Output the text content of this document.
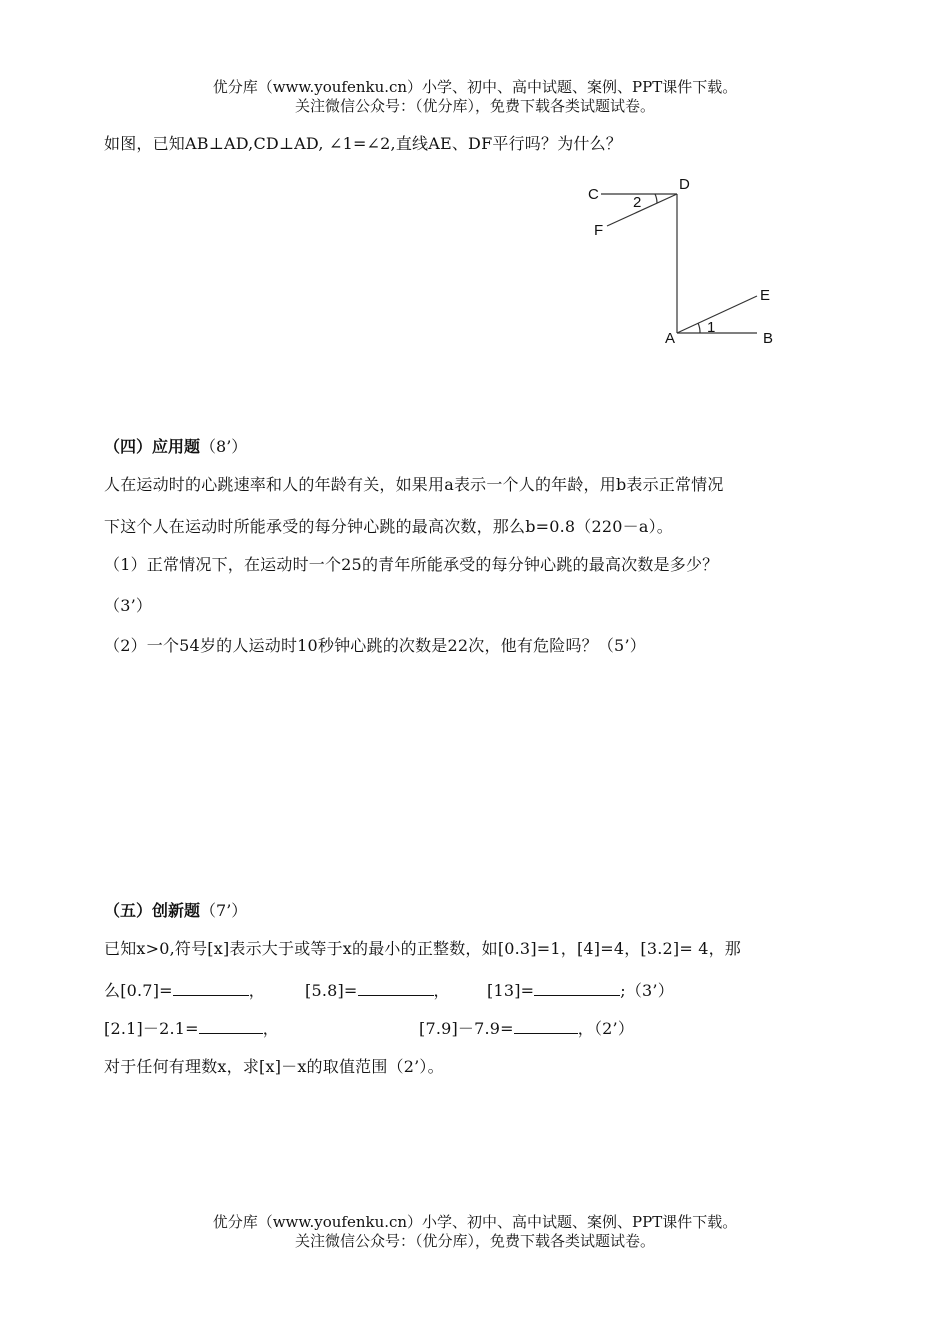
优分库（www.youfenku.cn）小学、初中、高中试题、案例、PPT课件下载。
关注微信公众号：（优分库），免费下载各类试题试卷。
如图，已知AB⊥AD,CD⊥AD, ∠1=∠2,直线AE、DF平行吗？为什么？
C
D
2
F
E
A
1
B
（四）应用题（8’）
人在运动时的心跳速率和人的年龄有关，如果用a表示一个人的年龄，用b表示正常情况
下这个人在运动时所能承受的每分钟心跳的最高次数，那么b=0.8（220－a）。
（1）正常情况下，在运动时一个25的青年所能承受的每分钟心跳的最高次数是多少？
（3’）
（2）一个54岁的人运动时10秒钟心跳的次数是22次，他有危险吗？（5’）
（五）创新题（7’）
已知x>0,符号[x]表示大于或等于x的最小的正整数，如[0.3]=1，[4]=4，[3.2]= 4，那
么[0.7]=	，	[5.8]=	， [13]=	;（3’）
[2.1]－2.1=	，	[7.9]－7.9=	，（2’）
对于任何有理数x，求[x]－x的取值范围（2’）。
优分库（www.youfenku.cn）小学、初中、高中试题、案例、PPT课件下载。
关注微信公众号：（优分库），免费下载各类试题试卷。
